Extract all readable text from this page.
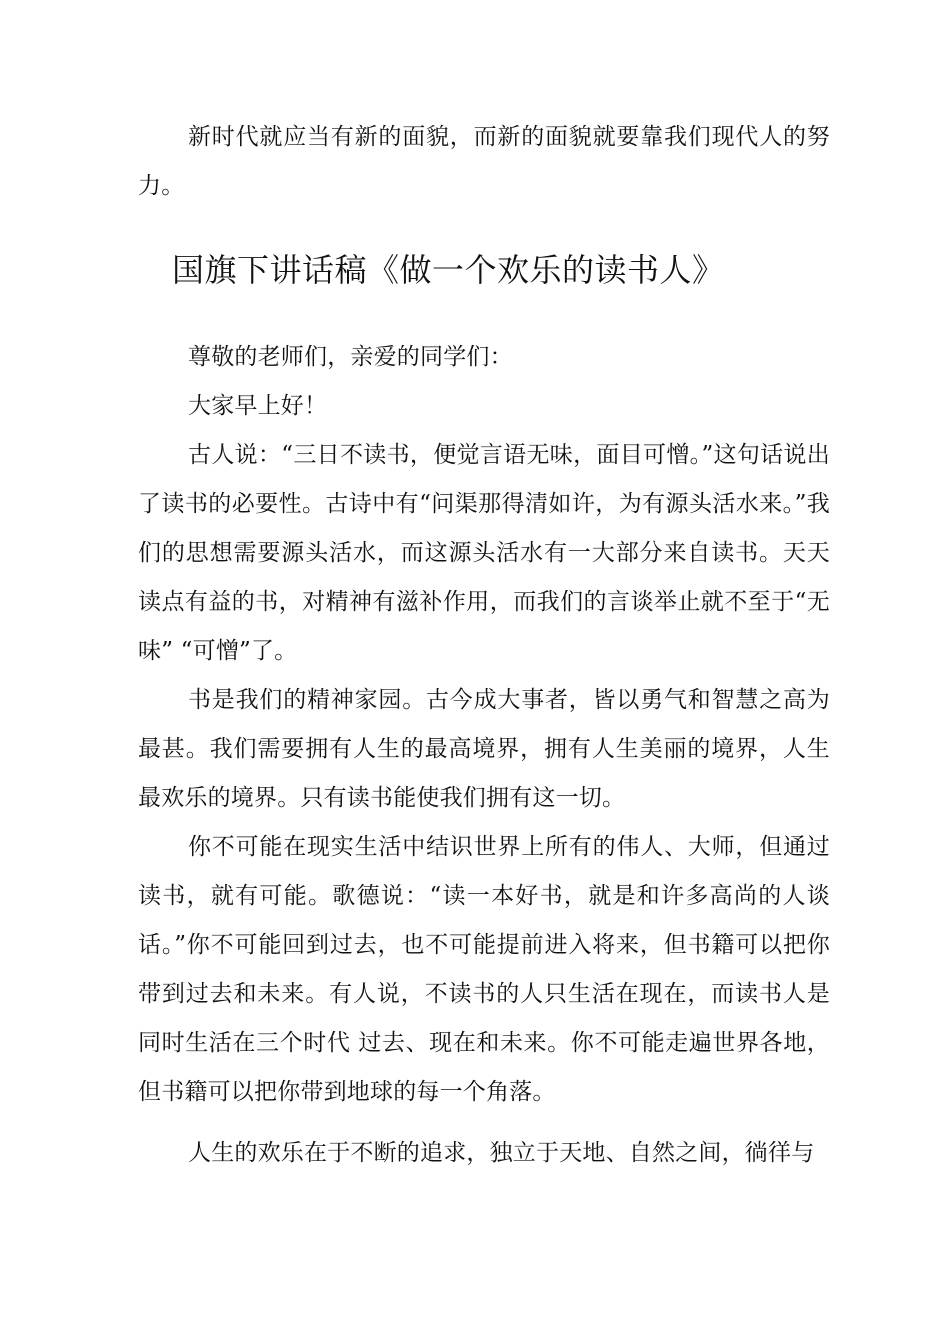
新时代就应当有新的面貌，而新的面貌就要靠我们现代人的努力。

国旗下讲话稿《做一个欢乐的读书人》

尊敬的老师们，亲爱的同学们：

大家早上好！

古人说：“三日不读书，便觉言语无味，面目可憎。”这句话说出了读书的必要性。古诗中有“问渠那得清如许，为有源头活水来。”我们的思想需要源头活水，而这源头活水有一大部分来自读书。天天读点有益的书，对精神有滋补作用，而我们的言谈举止就不至于“无味” “可憎”了。

书是我们的精神家园。古今成大事者，皆以勇气和智慧之高为最甚。我们需要拥有人生的最高境界，拥有人生美丽的境界，人生最欢乐的境界。只有读书能使我们拥有这一切。

你不可能在现实生活中结识世界上所有的伟人、大师，但通过读书，就有可能。歌德说：“读一本好书，就是和许多高尚的人谈话。”你不可能回到过去，也不可能提前进入将来，但书籍可以把你带到过去和未来。有人说，不读书的人只生活在现在，而读书人是同时生活在三个时代 过去、现在和未来。你不可能走遍世界各地，但书籍可以把你带到地球的每一个角落。

人生的欢乐在于不断的追求，独立于天地、自然之间，徜徉与
